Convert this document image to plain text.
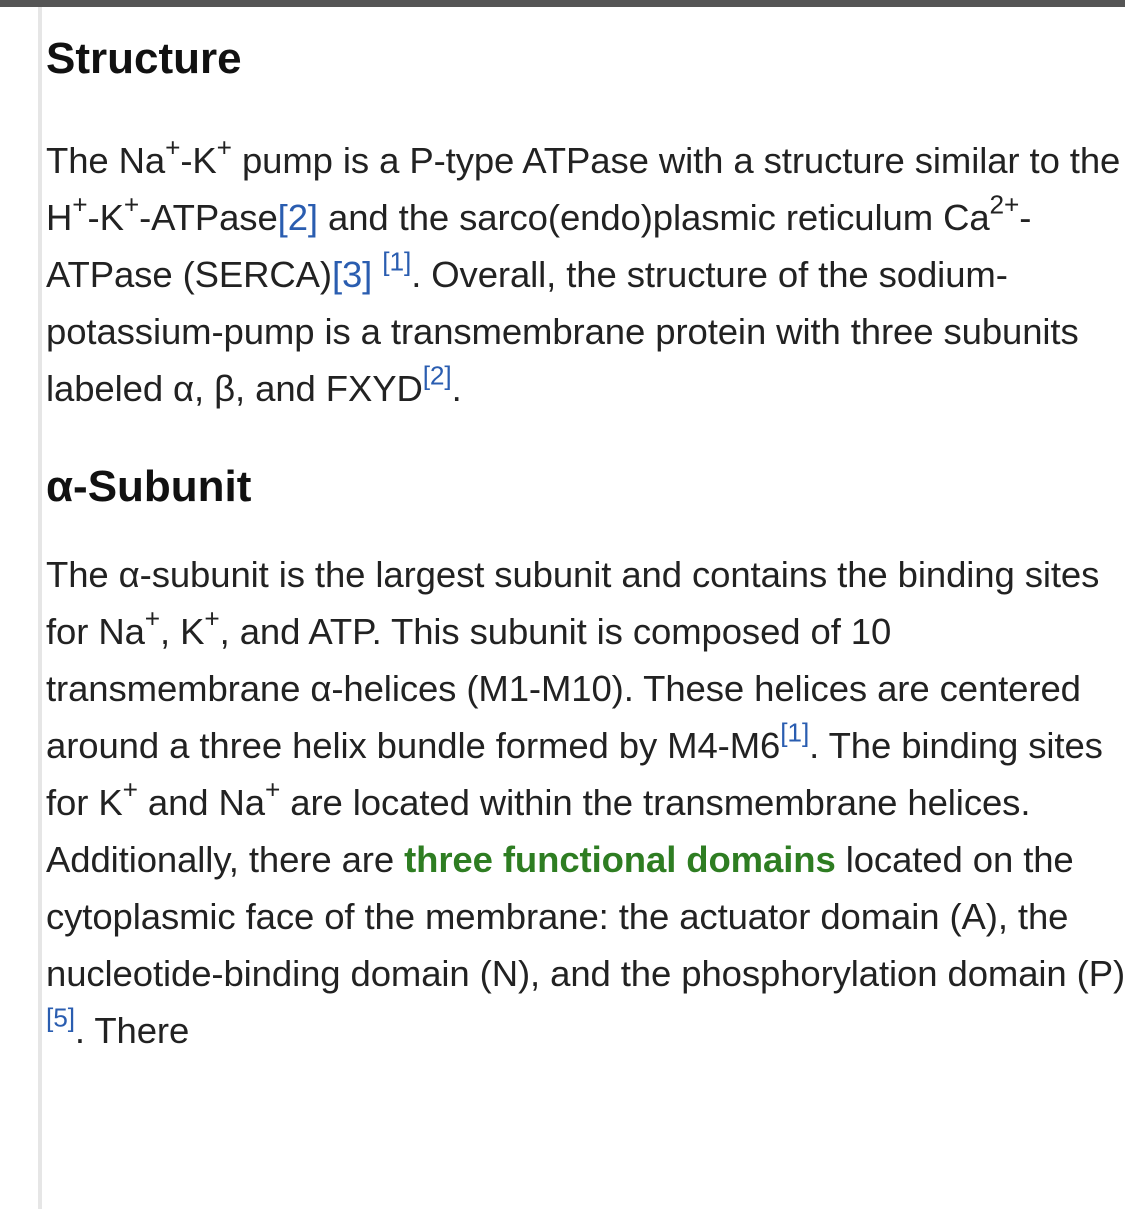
Structure

The Na+-K+ pump is a P-type ATPase with a structure similar to the H+-K+-ATPase[2] and the sarco(endo)plasmic reticulum $Ca^{2+}$-ATPase (SERCA)[3] [1]. Overall, the structure of the sodium-potassium-pump is a transmembrane protein with three subunits labeled α, β, and FXYD[2].

α-Subunit

The α-subunit is the largest subunit and contains the binding sites for Na+, K+, and ATP. This subunit is composed of 10 transmembrane α-helices (M1-M10). These helices are centered around a three helix bundle formed by M4-M6[1]. The binding sites for K+ and Na+ are located within the transmembrane helices. Additionally, there are three functional domains located on the cytoplasmic face of the membrane: the actuator domain (A), the nucleotide-binding domain (N), and the phosphorylation domain (P)[5]. There
